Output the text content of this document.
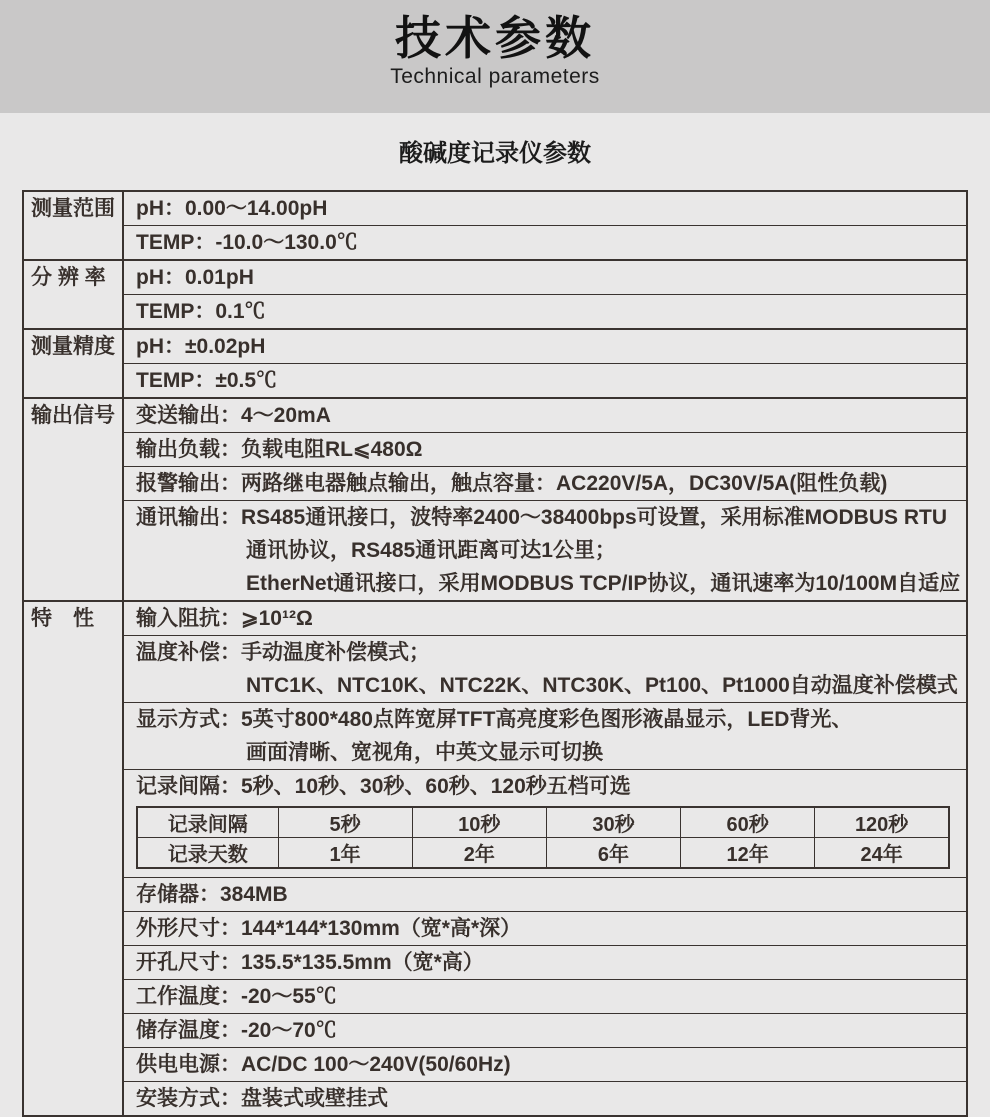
技术参数
Technical parameters
酸碱度记录仪参数
测量范围	pH：0.00～14.00pH

TEMP：-10.0～130.0℃

分 辨 率	pH：0.01pH

TEMP：0.1℃

测量精度	pH：±0.02pH

TEMP：±0.5℃

输出信号	变送输出：4～20mA

输出负载：负载电阻RL⩽480Ω

报警输出：两路继电器触点输出，触点容量：AC220V/5A，DC30V/5A(阻性负载)

通讯输出：RS485通讯接口，波特率2400～38400bps可设置，采用标准MODBUS RTU
通讯协议，RS485通讯距离可达1公里；
EtherNet通讯接口，采用MODBUS TCP/IP协议，通讯速率为10/100M自适应

特　性	输入阻抗：⩾10¹²Ω

温度补偿：手动温度补偿模式；
NTC1K、NTC10K、NTC22K、NTC30K、Pt100、Pt1000自动温度补偿模式

显示方式：5英寸800*480点阵宽屏TFT高亮度彩色图形液晶显示，LED背光、
画面清晰、宽视角，中英文显示可切换

记录间隔：5秒、10秒、30秒、60秒、120秒五档可选
记录间隔	5秒	10秒	30秒	60秒	120秒
记录天数	1年	2年	6年	12年	24年

存储器：384MB

外形尺寸：144*144*130mm（宽*高*深）

开孔尺寸：135.5*135.5mm（宽*高）

工作温度：-20～55℃

储存温度：-20～70℃

供电电源：AC/DC 100～240V(50/60Hz)

安装方式：盘装式或壁挂式
